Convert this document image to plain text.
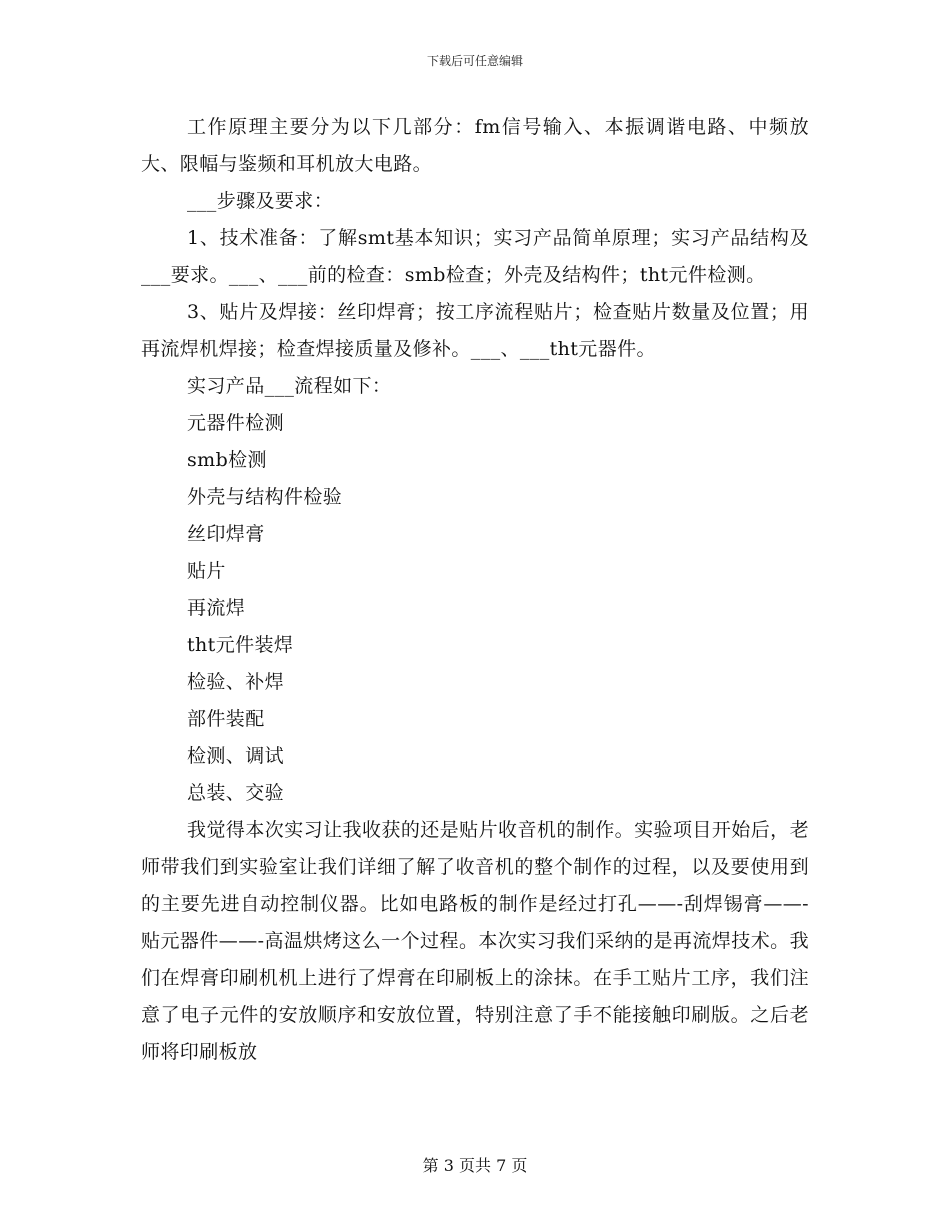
下载后可任意编辑

工作原理主要分为以下几部分：fm信号输入、本振调谐电路、中频放大、限幅与鉴频和耳机放大电路。

___步骤及要求：

1、技术准备：了解smt基本知识；实习产品简单原理；实习产品结构及___要求。___、___前的检查：smb检查；外壳及结构件；tht元件检测。

3、贴片及焊接：丝印焊膏；按工序流程贴片；检查贴片数量及位置；用再流焊机焊接；检查焊接质量及修补。___、___tht元器件。

实习产品___流程如下：

元器件检测

smb检测

外壳与结构件检验

丝印焊膏

贴片

再流焊

tht元件装焊

检验、补焊

部件装配

检测、调试

总装、交验

我觉得本次实习让我收获的还是贴片收音机的制作。实验项目开始后，老师带我们到实验室让我们详细了解了收音机的整个制作的过程，以及要使用到的主要先进自动控制仪器。比如电路板的制作是经过打孔——-刮焊锡膏——-贴元器件——-高温烘烤这么一个过程。本次实习我们采纳的是再流焊技术。我们在焊膏印刷机机上进行了焊膏在印刷板上的涂抹。在手工贴片工序，我们注意了电子元件的安放顺序和安放位置，特别注意了手不能接触印刷版。之后老师将印刷板放

第 3 页共 7 页
